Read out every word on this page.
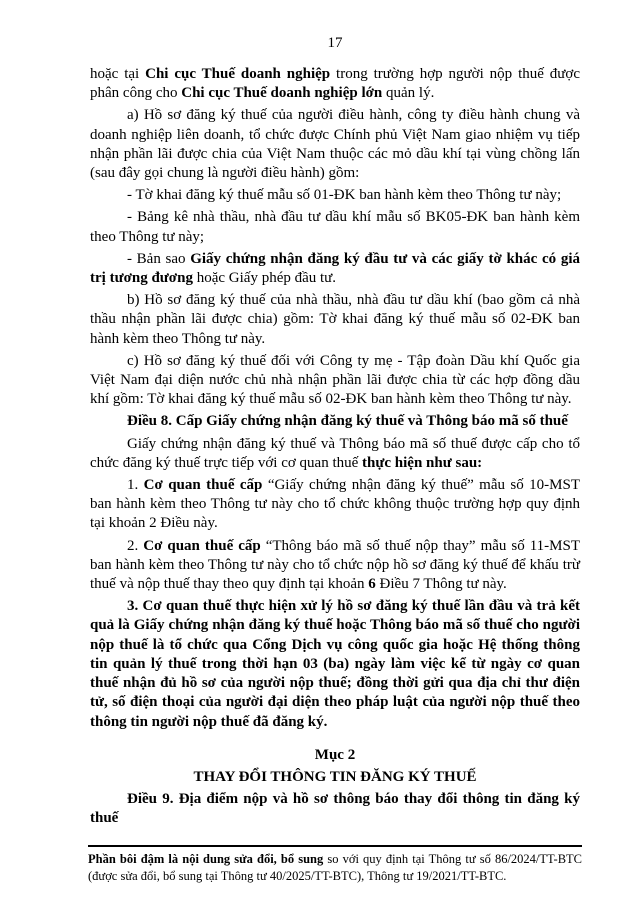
17

hoặc tại Chi cục Thuế doanh nghiệp trong trường hợp người nộp thuế được phân công cho Chi cục Thuế doanh nghiệp lớn quản lý.

a) Hồ sơ đăng ký thuế của người điều hành, công ty điều hành chung và doanh nghiệp liên doanh, tổ chức được Chính phủ Việt Nam giao nhiệm vụ tiếp nhận phần lãi được chia của Việt Nam thuộc các mỏ dầu khí tại vùng chồng lấn (sau đây gọi chung là người điều hành) gồm:

- Tờ khai đăng ký thuế mẫu số 01-ĐK ban hành kèm theo Thông tư này;

- Bảng kê nhà thầu, nhà đầu tư dầu khí mẫu số BK05-ĐK ban hành kèm theo Thông tư này;

- Bản sao Giấy chứng nhận đăng ký đầu tư và các giấy tờ khác có giá trị tương đương hoặc Giấy phép đầu tư.

b) Hồ sơ đăng ký thuế của nhà thầu, nhà đầu tư dầu khí (bao gồm cả nhà thầu nhận phần lãi được chia) gồm: Tờ khai đăng ký thuế mẫu số 02-ĐK ban hành kèm theo Thông tư này.

c) Hồ sơ đăng ký thuế đối với Công ty mẹ - Tập đoàn Dầu khí Quốc gia Việt Nam đại diện nước chủ nhà nhận phần lãi được chia từ các hợp đồng dầu khí gồm: Tờ khai đăng ký thuế mẫu số 02-ĐK ban hành kèm theo Thông tư này.

Điều 8. Cấp Giấy chứng nhận đăng ký thuế và Thông báo mã số thuế

Giấy chứng nhận đăng ký thuế và Thông báo mã số thuế được cấp cho tổ chức đăng ký thuế trực tiếp với cơ quan thuế thực hiện như sau:

1. Cơ quan thuế cấp “Giấy chứng nhận đăng ký thuế” mẫu số 10-MST ban hành kèm theo Thông tư này cho tổ chức không thuộc trường hợp quy định tại khoản 2 Điều này.

2. Cơ quan thuế cấp “Thông báo mã số thuế nộp thay” mẫu số 11-MST ban hành kèm theo Thông tư này cho tổ chức nộp hồ sơ đăng ký thuế để khấu trừ thuế và nộp thuế thay theo quy định tại khoản 6 Điều 7 Thông tư này.

3. Cơ quan thuế thực hiện xử lý hồ sơ đăng ký thuế lần đầu và trả kết quả là Giấy chứng nhận đăng ký thuế hoặc Thông báo mã số thuế cho người nộp thuế là tổ chức qua Cổng Dịch vụ công quốc gia hoặc Hệ thống thông tin quản lý thuế trong thời hạn 03 (ba) ngày làm việc kể từ ngày cơ quan thuế nhận đủ hồ sơ của người nộp thuế; đồng thời gửi qua địa chỉ thư điện tử, số điện thoại của người đại diện theo pháp luật của người nộp thuế theo thông tin người nộp thuế đã đăng ký.

Mục 2

THAY ĐỔI THÔNG TIN ĐĂNG KÝ THUẾ

Điều 9. Địa điểm nộp và hồ sơ thông báo thay đổi thông tin đăng ký thuế

Phần bôi đậm là nội dung sửa đổi, bổ sung so với quy định tại Thông tư số 86/2024/TT-BTC (được sửa đổi, bổ sung tại Thông tư 40/2025/TT-BTC), Thông tư 19/2021/TT-BTC.
